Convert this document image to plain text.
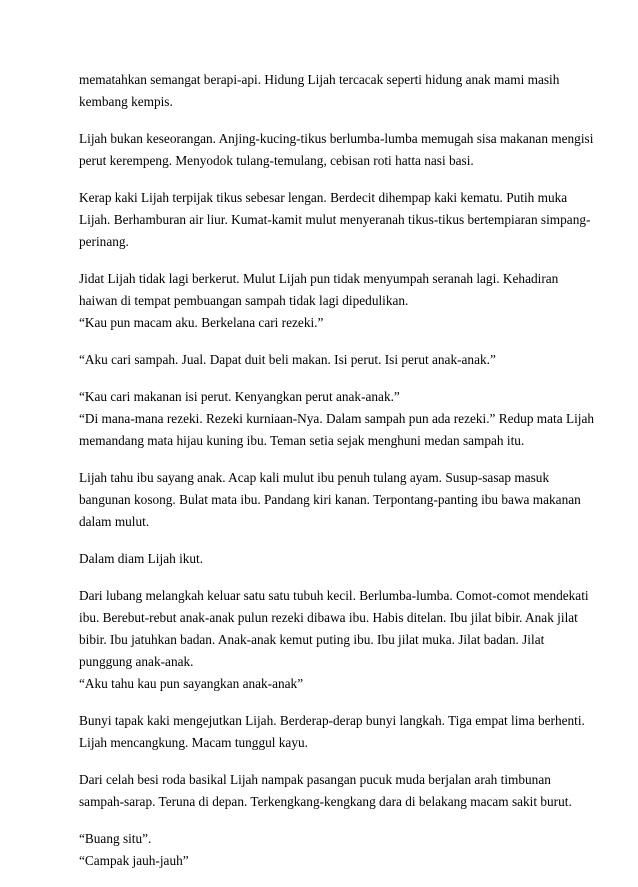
mematahkan semangat berapi-api. Hidung Lijah tercacak seperti hidung anak mami masih
kembang kempis.

Lijah bukan keseorangan. Anjing-kucing-tikus berlumba-lumba memugah sisa makanan mengisi
perut kerempeng. Menyodok tulang-temulang, cebisan roti hatta nasi basi.

Kerap kaki Lijah terpijak tikus sebesar lengan. Berdecit dihempap kaki kematu. Putih muka
Lijah. Berhamburan air liur. Kumat-kamit mulut menyeranah tikus-tikus bertempiaran simpang-
perinang.

Jidat Lijah tidak lagi berkerut. Mulut Lijah pun tidak menyumpah seranah lagi. Kehadiran
haiwan di tempat pembuangan sampah tidak lagi dipedulikan.
“Kau pun macam aku. Berkelana cari rezeki.”

“Aku cari sampah. Jual. Dapat duit beli makan. Isi perut. Isi perut anak-anak.”

“Kau cari makanan isi perut. Kenyangkan perut anak-anak.”
“Di mana-mana rezeki. Rezeki kurniaan-Nya. Dalam sampah pun ada rezeki.” Redup mata Lijah
memandang mata hijau kuning ibu. Teman setia sejak menghuni medan sampah itu.

Lijah tahu ibu sayang anak. Acap kali mulut ibu penuh tulang ayam. Susup-sasap masuk
bangunan kosong. Bulat mata ibu. Pandang kiri kanan. Terpontang-panting ibu bawa makanan
dalam mulut.

Dalam diam Lijah ikut.

Dari lubang melangkah keluar satu satu tubuh kecil. Berlumba-lumba. Comot-comot mendekati
ibu. Berebut-rebut anak-anak pulun rezeki dibawa ibu. Habis ditelan. Ibu jilat bibir. Anak jilat
bibir. Ibu jatuhkan badan. Anak-anak kemut puting ibu. Ibu jilat muka. Jilat badan. Jilat
punggung anak-anak.
“Aku tahu kau pun sayangkan anak-anak”

Bunyi tapak kaki mengejutkan Lijah. Berderap-derap bunyi langkah. Tiga empat lima berhenti.
Lijah mencangkung. Macam tunggul kayu.

Dari celah besi roda basikal Lijah nampak pasangan pucuk muda berjalan arah timbunan
sampah-sarap. Teruna di depan. Terkengkang-kengkang dara di belakang macam sakit burut.

“Buang situ”.
“Campak jauh-jauh”
